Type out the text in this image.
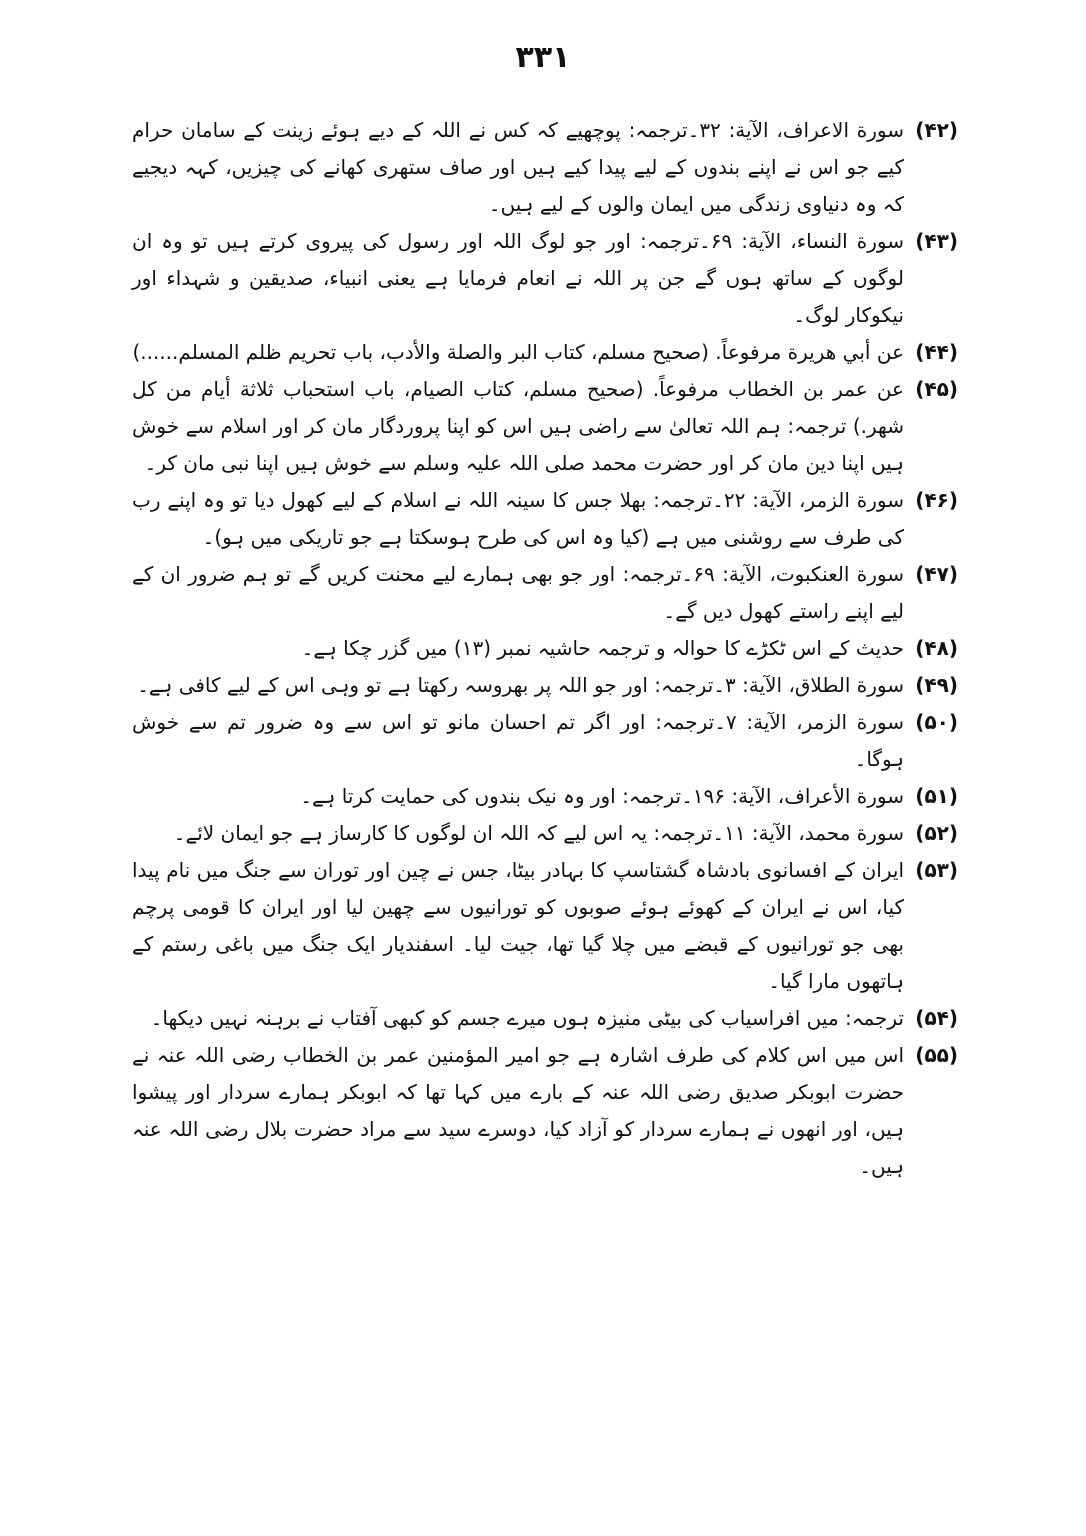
۳۳۱
(۴۲)
سورة الاعراف، الآية: ۳۲۔ترجمہ: پوچھیے کہ کس نے اللہ کے دیے ہوئے زینت کے سامان حرام کیے جو اس نے اپنے بندوں کے لیے پیدا کیے ہیں اور صاف ستھری کھانے کی چیزیں، کہہ دیجیے کہ وہ دنیاوی زندگی میں ایمان والوں کے لیے ہیں۔
(۴۳)
سورة النساء، الآية: ۶۹۔ترجمہ: اور جو لوگ اللہ اور رسول کی پیروی کرتے ہیں تو وہ ان لوگوں کے ساتھ ہوں گے جن پر اللہ نے انعام فرمایا ہے یعنی انبیاء، صدیقین و شہداء اور نیکوکار لوگ۔
(۴۴)
عن أبي هريرة مرفوعاً. (صحيح مسلم، كتاب البر والصلة والأدب، باب تحريم ظلم المسلم......)
(۴۵)
عن عمر بن الخطاب مرفوعاً. (صحيح مسلم، كتاب الصيام، باب استحباب ثلاثة أيام من كل شهر.) ترجمہ: ہم اللہ تعالیٰ سے راضی ہیں اس کو اپنا پروردگار مان کر اور اسلام سے خوش ہیں اپنا دین مان کر اور حضرت محمد صلی اللہ علیہ وسلم سے خوش ہیں اپنا نبی مان کر۔
(۴۶)
سورة الزمر، الآية: ۲۲۔ترجمہ: بھلا جس کا سینہ اللہ نے اسلام کے لیے کھول دیا تو وہ اپنے رب کی طرف سے روشنی میں ہے (کیا وہ اس کی طرح ہوسکتا ہے جو تاریکی میں ہو)۔
(۴۷)
سورة العنكبوت، الآية: ۶۹۔ترجمہ: اور جو بھی ہمارے لیے محنت کریں گے تو ہم ضرور ان کے لیے اپنے راستے کھول دیں گے۔
(۴۸)
حدیث کے اس ٹکڑے کا حوالہ و ترجمہ حاشیہ نمبر (۱۳) میں گزر چکا ہے۔
(۴۹)
سورة الطلاق، الآية: ۳۔ترجمہ: اور جو اللہ پر بھروسہ رکھتا ہے تو وہی اس کے لیے کافی ہے۔
(۵۰)
سورة الزمر، الآية: ۷۔ترجمہ: اور اگر تم احسان مانو تو اس سے وہ ضرور تم سے خوش ہوگا۔
(۵۱)
سورة الأعراف، الآية: ۱۹۶۔ترجمہ: اور وہ نیک بندوں کی حمایت کرتا ہے۔
(۵۲)
سورة محمد، الآية: ۱۱۔ترجمہ: یہ اس لیے کہ اللہ ان لوگوں کا کارساز ہے جو ایمان لائے۔
(۵۳)
ایران کے افسانوی بادشاہ گشتاسپ کا بہادر بیٹا، جس نے چین اور توران سے جنگ میں نام پیدا کیا، اس نے ایران کے کھوئے ہوئے صوبوں کو تورانیوں سے چھین لیا اور ایران کا قومی پرچم بھی جو تورانیوں کے قبضے میں چلا گیا تھا، جیت لیا۔ اسفندیار ایک جنگ میں باغی رستم کے ہاتھوں مارا گیا۔
(۵۴)
ترجمہ: میں افراسیاب کی بیٹی منیزہ ہوں میرے جسم کو کبھی آفتاب نے برہنہ نہیں دیکھا۔
(۵۵)
اس میں اس کلام کی طرف اشارہ ہے جو امیر المؤمنین عمر بن الخطاب رضی اللہ عنہ نے حضرت ابوبکر صدیق رضی اللہ عنہ کے بارے میں کہا تھا کہ ابوبکر ہمارے سردار اور پیشوا ہیں، اور انھوں نے ہمارے سردار کو آزاد کیا، دوسرے سید سے مراد حضرت بلال رضی اللہ عنہ ہیں۔
